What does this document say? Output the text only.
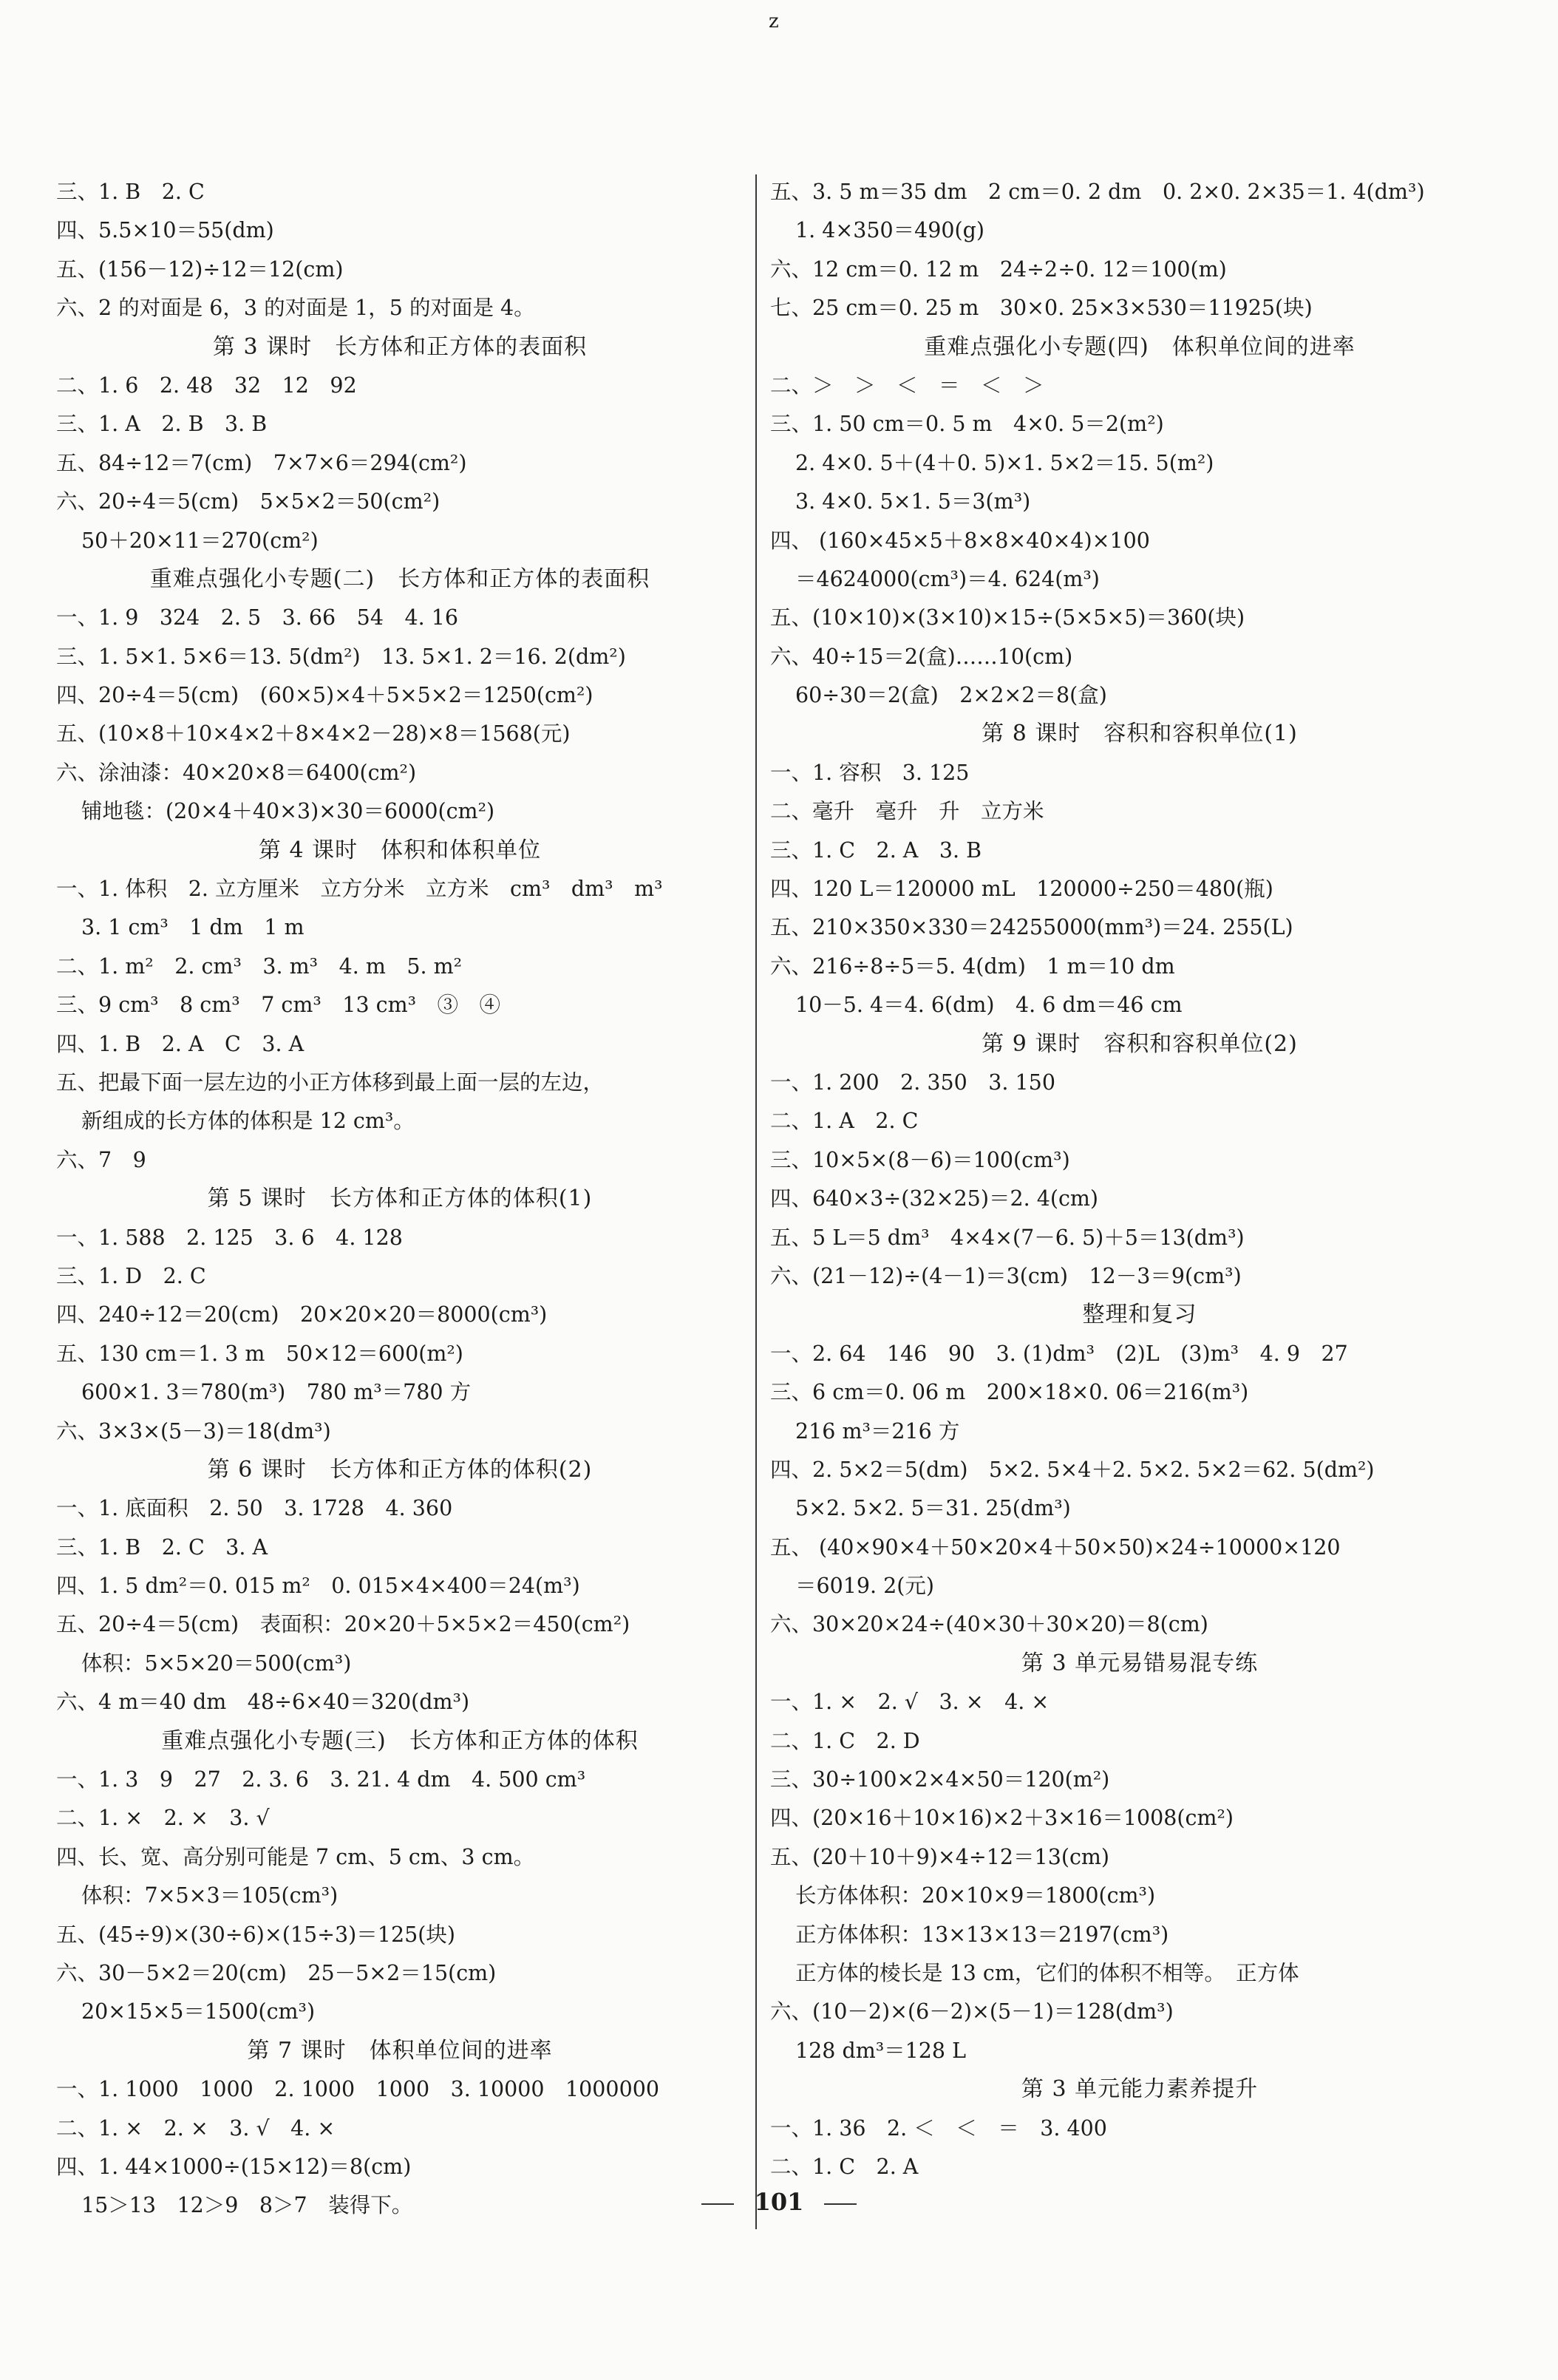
z
三、1. B　2. C
四、5.5×10＝55(dm)
五、(156－12)÷12＝12(cm)
六、2 的对面是 6，3 的对面是 1，5 的对面是 4。
第 3 课时　长方体和正方体的表面积
二、1. 6　2. 48　32　12　92
三、1. A　2. B　3. B
五、84÷12＝7(cm)　7×7×6＝294(cm²)
六、20÷4＝5(cm)　5×5×2＝50(cm²)
50＋20×11＝270(cm²)
重难点强化小专题(二)　长方体和正方体的表面积
一、1. 9　324　2. 5　3. 66　54　4. 16
三、1. 5×1. 5×6＝13. 5(dm²)　13. 5×1. 2＝16. 2(dm²)
四、20÷4＝5(cm)　(60×5)×4＋5×5×2＝1250(cm²)
五、(10×8＋10×4×2＋8×4×2－28)×8＝1568(元)
六、涂油漆：40×20×8＝6400(cm²)
铺地毯：(20×4＋40×3)×30＝6000(cm²)
第 4 课时　体积和体积单位
一、1. 体积　2. 立方厘米　立方分米　立方米　cm³　dm³　m³
3. 1 cm³　1 dm　1 m
二、1. m²　2. cm³　3. m³　4. m　5. m²
三、9 cm³　8 cm³　7 cm³　13 cm³　③　④
四、1. B　2. A　C　3. A
五、把最下面一层左边的小正方体移到最上面一层的左边，
新组成的长方体的体积是 12 cm³。
六、7　9
第 5 课时　长方体和正方体的体积(1)
一、1. 588　2. 125　3. 6　4. 128
三、1. D　2. C
四、240÷12＝20(cm)　20×20×20＝8000(cm³)
五、130 cm＝1. 3 m　50×12＝600(m²)
600×1. 3＝780(m³)　780 m³＝780 方
六、3×3×(5－3)＝18(dm³)
第 6 课时　长方体和正方体的体积(2)
一、1. 底面积　2. 50　3. 1728　4. 360
三、1. B　2. C　3. A
四、1. 5 dm²＝0. 015 m²　0. 015×4×400＝24(m³)
五、20÷4＝5(cm)　表面积：20×20＋5×5×2＝450(cm²)
体积：5×5×20＝500(cm³)
六、4 m＝40 dm　48÷6×40＝320(dm³)
重难点强化小专题(三)　长方体和正方体的体积
一、1. 3　9　27　2. 3. 6　3. 21. 4 dm　4. 500 cm³
二、1. ×　2. ×　3. √
四、长、宽、高分别可能是 7 cm、5 cm、3 cm。
体积：7×5×3＝105(cm³)
五、(45÷9)×(30÷6)×(15÷3)＝125(块)
六、30－5×2＝20(cm)　25－5×2＝15(cm)
20×15×5＝1500(cm³)
第 7 课时　体积单位间的进率
一、1. 1000　1000　2. 1000　1000　3. 10000　1000000
二、1. ×　2. ×　3. √　4. ×
四、1. 44×1000÷(15×12)＝8(cm)
15＞13　12＞9　8＞7　装得下。
五、3. 5 m＝35 dm　2 cm＝0. 2 dm　0. 2×0. 2×35＝1. 4(dm³)
1. 4×350＝490(g)
六、12 cm＝0. 12 m　24÷2÷0. 12＝100(m)
七、25 cm＝0. 25 m　30×0. 25×3×530＝11925(块)
重难点强化小专题(四)　体积单位间的进率
二、＞　＞　＜　＝　＜　＞
三、1. 50 cm＝0. 5 m　4×0. 5＝2(m²)
2. 4×0. 5＋(4＋0. 5)×1. 5×2＝15. 5(m²)
3. 4×0. 5×1. 5＝3(m³)
四、 (160×45×5＋8×8×40×4)×100
＝4624000(cm³)＝4. 624(m³)
五、(10×10)×(3×10)×15÷(5×5×5)＝360(块)
六、40÷15＝2(盒)……10(cm)
60÷30＝2(盒)　2×2×2＝8(盒)
第 8 课时　容积和容积单位(1)
一、1. 容积　3. 125
二、毫升　毫升　升　立方米
三、1. C　2. A　3. B
四、120 L＝120000 mL　120000÷250＝480(瓶)
五、210×350×330＝24255000(mm³)＝24. 255(L)
六、216÷8÷5＝5. 4(dm)　1 m＝10 dm
10－5. 4＝4. 6(dm)　4. 6 dm＝46 cm
第 9 课时　容积和容积单位(2)
一、1. 200　2. 350　3. 150
二、1. A　2. C
三、10×5×(8－6)＝100(cm³)
四、640×3÷(32×25)＝2. 4(cm)
五、5 L＝5 dm³　4×4×(7－6. 5)＋5＝13(dm³)
六、(21－12)÷(4－1)＝3(cm)　12－3＝9(cm³)
整理和复习
一、2. 64　146　90　3. (1)dm³　(2)L　(3)m³　4. 9　27
三、6 cm＝0. 06 m　200×18×0. 06＝216(m³)
216 m³＝216 方
四、2. 5×2＝5(dm)　5×2. 5×4＋2. 5×2. 5×2＝62. 5(dm²)
5×2. 5×2. 5＝31. 25(dm³)
五、 (40×90×4＋50×20×4＋50×50)×24÷10000×120
＝6019. 2(元)
六、30×20×24÷(40×30＋30×20)＝8(cm)
第 3 单元易错易混专练
一、1. ×　2. √　3. ×　4. ×
二、1. C　2. D
三、30÷100×2×4×50＝120(m²)
四、(20×16＋10×16)×2＋3×16＝1008(cm²)
五、(20＋10＋9)×4÷12＝13(cm)
长方体体积：20×10×9＝1800(cm³)
正方体体积：13×13×13＝2197(cm³)
正方体的棱长是 13 cm，它们的体积不相等。　正方体
六、(10－2)×(6－2)×(5－1)＝128(dm³)
128 dm³＝128 L
第 3 单元能力素养提升
一、1. 36　2. ＜　＜　＝　3. 400
二、1. C　2. A
101
